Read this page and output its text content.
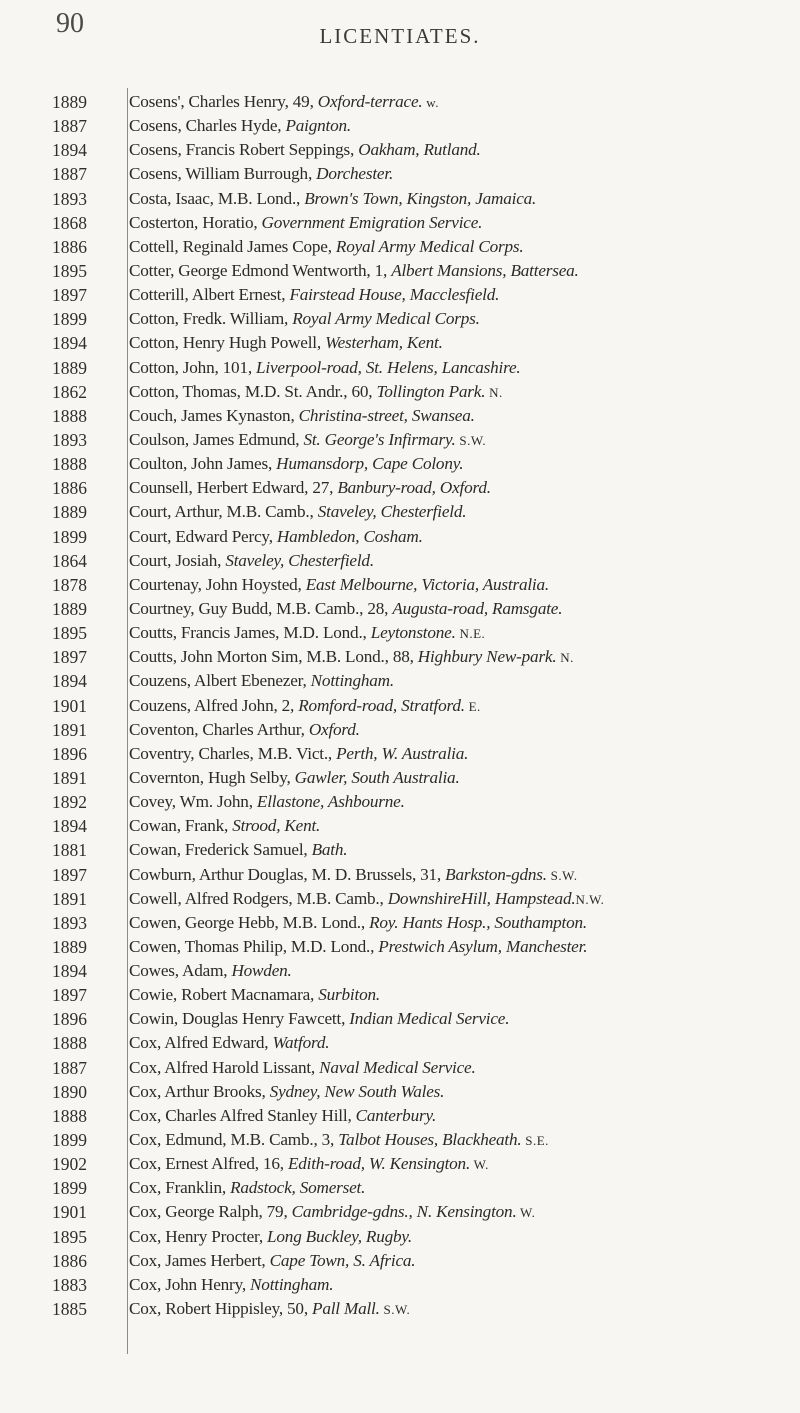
90	LICENTIATES.
1889	Cosens', Charles Henry, 49, Oxford-terrace. w.
1887	Cosens, Charles Hyde, Paignton.
1894	Cosens, Francis Robert Seppings, Oakham, Rutland.
1887	Cosens, William Burrough, Dorchester.
1893	Costa, Isaac, M.B. Lond., Brown's Town, Kingston, Jamaica.
1868	Costerton, Horatio, Government Emigration Service.
1886	Cottell, Reginald James Cope, Royal Army Medical Corps.
1895	Cotter, George Edmond Wentworth, 1, Albert Mansions, Battersea.
1897	Cotterill, Albert Ernest, Fairstead House, Macclesfield.
1899	Cotton, Fredk. William, Royal Army Medical Corps.
1894	Cotton, Henry Hugh Powell, Westerham, Kent.
1889	Cotton, John, 101, Liverpool-road, St. Helens, Lancashire.
1862	Cotton, Thomas, M.D. St. Andr., 60, Tollington Park. N.
1888	Couch, James Kynaston, Christina-street, Swansea.
1893	Coulson, James Edmund, St. George's Infirmary. S.W.
1888	Coulton, John James, Humansdorp, Cape Colony.
1886	Counsell, Herbert Edward, 27, Banbury-road, Oxford.
1889	Court, Arthur, M.B. Camb., Staveley, Chesterfield.
1899	Court, Edward Percy, Hambledon, Cosham.
1864	Court, Josiah, Staveley, Chesterfield.
1878	Courtenay, John Hoysted, East Melbourne, Victoria, Australia.
1889	Courtney, Guy Budd, M.B. Camb., 28, Augusta-road, Ramsgate.
1895	Coutts, Francis James, M.D. Lond., Leytonstone. N.E.
1897	Coutts, John Morton Sim, M.B. Lond., 88, Highbury New-park. N.
1894	Couzens, Albert Ebenezer, Nottingham.
1901	Couzens, Alfred John, 2, Romford-road, Stratford. E.
1891	Coventon, Charles Arthur, Oxford.
1896	Coventry, Charles, M.B. Vict., Perth, W. Australia.
1891	Covernton, Hugh Selby, Gawler, South Australia.
1892	Covey, Wm. John, Ellastone, Ashbourne.
1894	Cowan, Frank, Strood, Kent.
1881	Cowan, Frederick Samuel, Bath.
1897	Cowburn, Arthur Douglas, M. D. Brussels, 31, Barkston-gdns. S.W.
1891	Cowell, Alfred Rodgers, M.B. Camb., DownshireHill, Hampstead.N.W.
1893	Cowen, George Hebb, M.B. Lond., Roy. Hants Hosp., Southampton.
1889	Cowen, Thomas Philip, M.D. Lond., Prestwich Asylum, Manchester.
1894	Cowes, Adam, Howden.
1897	Cowie, Robert Macnamara, Surbiton.
1896	Cowin, Douglas Henry Fawcett, Indian Medical Service.
1888	Cox, Alfred Edward, Watford.
1887	Cox, Alfred Harold Lissant, Naval Medical Service.
1890	Cox, Arthur Brooks, Sydney, New South Wales.
1888	Cox, Charles Alfred Stanley Hill, Canterbury.
1899	Cox, Edmund, M.B. Camb., 3, Talbot Houses, Blackheath. S.E.
1902	Cox, Ernest Alfred, 16, Edith-road, W. Kensington. W.
1899	Cox, Franklin, Radstock, Somerset.
1901	Cox, George Ralph, 79, Cambridge-gdns., N. Kensington. W.
1895	Cox, Henry Procter, Long Buckley, Rugby.
1886	Cox, James Herbert, Cape Town, S. Africa.
1883	Cox, John Henry, Nottingham.
1885	Cox, Robert Hippisley, 50, Pall Mall. S.W.
